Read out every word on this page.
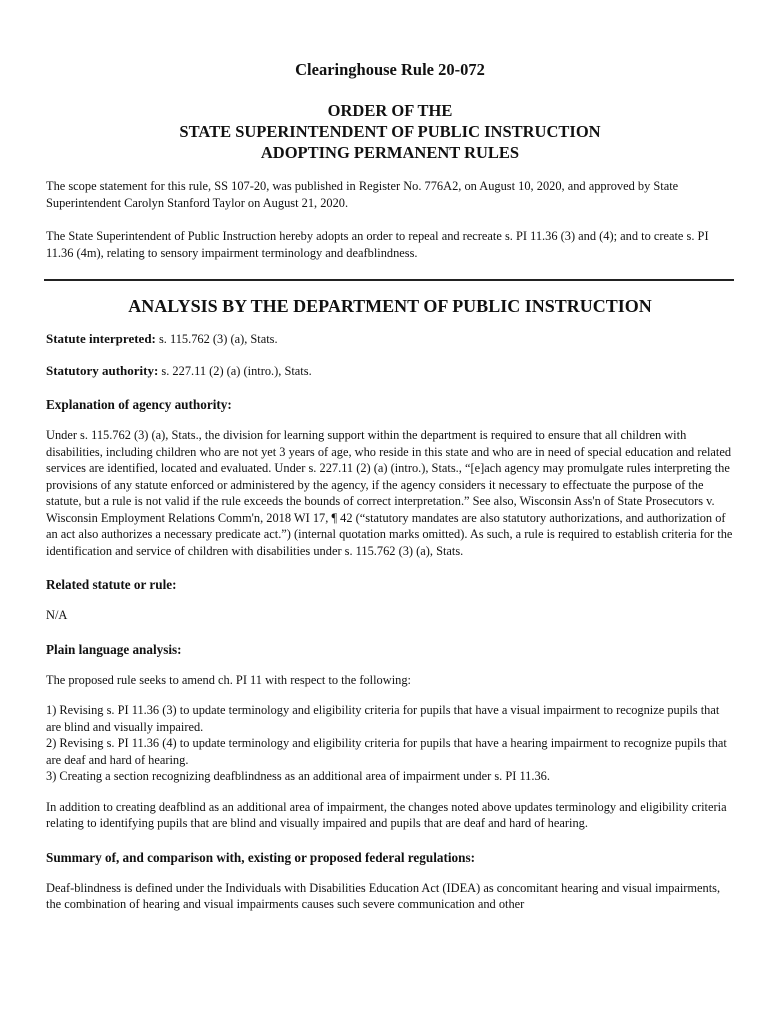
Clearinghouse Rule 20-072
ORDER OF THE
STATE SUPERINTENDENT OF PUBLIC INSTRUCTION
ADOPTING PERMANENT RULES

The scope statement for this rule, SS 107-20, was published in Register No. 776A2, on August 10, 2020, and approved by State Superintendent Carolyn Stanford Taylor on August 21, 2020.

The State Superintendent of Public Instruction hereby adopts an order to repeal and recreate s. PI 11.36 (3) and (4); and to create s. PI 11.36 (4m), relating to sensory impairment terminology and deafblindness.

ANALYSIS BY THE DEPARTMENT OF PUBLIC INSTRUCTION
Statute interpreted: s. 115.762 (3) (a), Stats.
Statutory authority: s. 227.11 (2) (a) (intro.), Stats.
Explanation of agency authority:

Under s. 115.762 (3) (a), Stats., the division for learning support within the department is required to ensure that all children with disabilities, including children who are not yet 3 years of age, who reside in this state and who are in need of special education and related services are identified, located and evaluated. Under s. 227.11 (2) (a) (intro.), Stats., “[e]ach agency may promulgate rules interpreting the provisions of any statute enforced or administered by the agency, if the agency considers it necessary to effectuate the purpose of the statute, but a rule is not valid if the rule exceeds the bounds of correct interpretation.” See also, Wisconsin Ass'n of State Prosecutors v. Wisconsin Employment Relations Comm'n, 2018 WI 17, ¶ 42 (“statutory mandates are also statutory authorizations, and authorization of an act also authorizes a necessary predicate act.”) (internal quotation marks omitted). As such, a rule is required to establish criteria for the identification and service of children with disabilities under s. 115.762 (3) (a), Stats.

Related statute or rule:

N/A

Plain language analysis:

The proposed rule seeks to amend ch. PI 11 with respect to the following:

1) Revising s. PI 11.36 (3) to update terminology and eligibility criteria for pupils that have a visual impairment to recognize pupils that are blind and visually impaired.

2) Revising s. PI 11.36 (4) to update terminology and eligibility criteria for pupils that have a hearing impairment to recognize pupils that are deaf and hard of hearing.

3) Creating a section recognizing deafblindness as an additional area of impairment under s. PI 11.36.

In addition to creating deafblind as an additional area of impairment, the changes noted above updates terminology and eligibility criteria relating to identifying pupils that are blind and visually impaired and pupils that are deaf and hard of hearing.

Summary of, and comparison with, existing or proposed federal regulations:

Deaf-blindness is defined under the Individuals with Disabilities Education Act (IDEA) as concomitant hearing and visual impairments, the combination of hearing and visual impairments causes such severe communication and other
